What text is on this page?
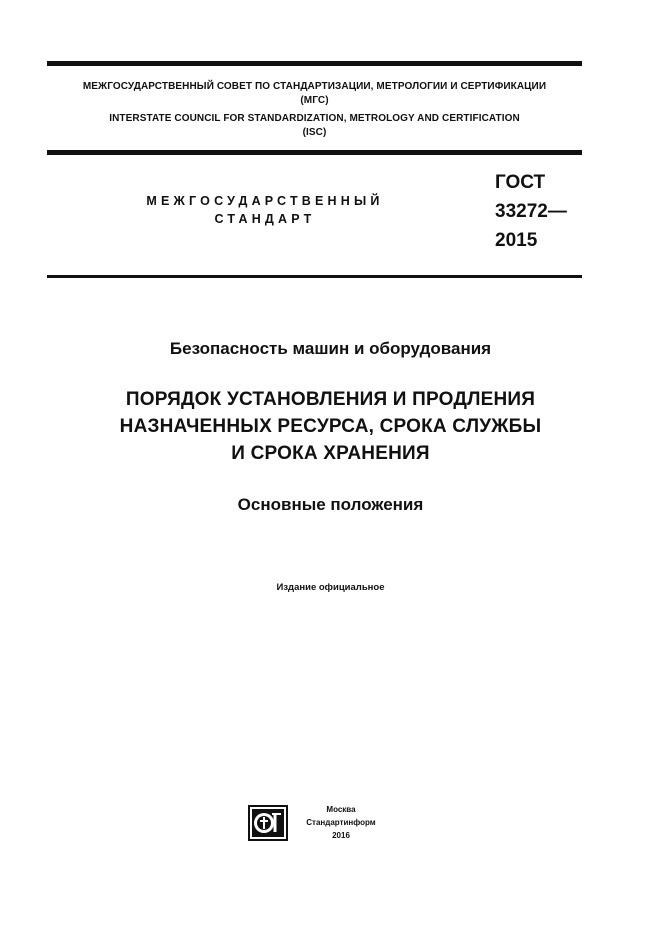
МЕЖГОСУДАРСТВЕННЫЙ СОВЕТ ПО СТАНДАРТИЗАЦИИ, МЕТРОЛОГИИ И СЕРТИФИКАЦИИ
(МГС)
INTERSTATE COUNCIL FOR STANDARDIZATION, METROLOGY AND CERTIFICATION
(ISC)
МЕЖГОСУДАРСТВЕННЫЙ
СТАНДАРТ
ГОСТ
33272—
2015
Безопасность машин и оборудования
ПОРЯДОК УСТАНОВЛЕНИЯ И ПРОДЛЕНИЯ
НАЗНАЧЕННЫХ РЕСУРСА, СРОКА СЛУЖБЫ
И СРОКА ХРАНЕНИЯ
Основные положения
Издание официальное
Москва
Стандартинформ
2016
